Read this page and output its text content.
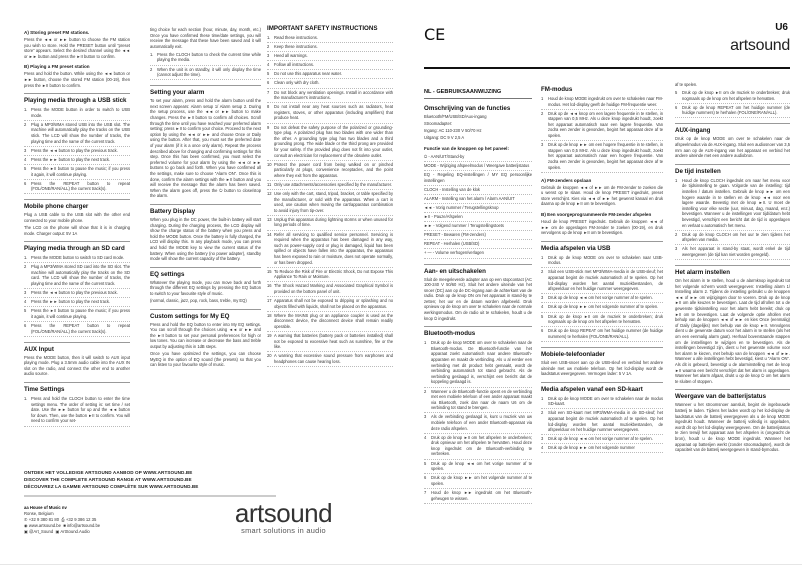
A) Storing preset FM stations.
Press the ◄◄ or ►► button to choose the FM station you wish to store. Hold the PRESET button until “preset store” appears. Select the desired channel using the ◄◄ or ►► button and press the ►II button to confirm.
B) Playing a FM preset station
Press and hold the button. While using the ◄◄ button or ►► button, choose the stored FM station (00-19), then press the ►II button to confirm.
Playing media through a USB stick
1. Press the MODE button in order to switch to USB mode.
2	Plug a MP3/WMA stored USB into the USB slot. The machine will automatically play the tracks on the USB stick. The LCD will show the number of tracks, the playing time and the name of the current track.
3	Press the ◄◄ button to play the previous track.
4	Press the ►► button to play the next track.
5	Press the ►II button to pause the music; if you press it again, it will continue playing.
6	Press the REPEAT button to repeat (FOL/ONE/RAN/ALL) the current track(s).
Mobile phone charger
Plug a USB cable to the USB slot with the other end connected to your mobile phone.
The LCD on the phone will show that it is in charging mode. Charger output: 5V 1A
Playing media through an SD card
1. Press the MODE button to switch to SD card mode.
2	Plug a MP3/WMA stored SD card into the SD slot. The machine will automatically play the tracks on the SD card. The LCD will show the number of tracks, the playing time and the name of the current track.
3	Press the ◄◄ button to play the previous track.
4	Press the ►► button to play the next track.
5	Press the ►II button to pause the music; if you press it again, it will continue playing.
6	Press the REPEAT button to repeat (FOL/ONE/RAN/ALL) the current track(s).
AUX Input
Press the MODE button, then it will switch to AUX input playing mode. Plug a 3.5mm audio cable into the AUX IN slot on the radio, and connect the other end to another audio source.
Time Settings
1. Press and hold the CLOCH button to enter the time settings menu. The order of setting is: set time / set date. Use the ►► button for up and the ◄◄ button for down. Then, use the button ►II to confirm. You will need to confirm your set-
ting choice for each section (hour, minute, day, month, etc.) Once you have confirmed these time/date settings, you will receive the message that these have been saved and it will automatically exit.
1. Press the CLOCH button to check the current time while playing the media.
2	When the unit is on standby, it will only display the time (cannot adjust the time).
Setting your alarm
To set your alarm, press and hold the alarm button until the next screen appears: Alarm setup 1/ Alarm setup 2. During the setup process, use the ◄◄ or ►► button to make changes. Press the ►II button to confirm all choices. Scroll through the time until you have reached your preferred alarm setting; press ►II to confirm your choice. Proceed to the next option by using the ◄◄ or ►► and choose Once or Daily using the button. After that, you must set the preferred date of your alarm (if it is a once only alarm). Repeat the process described above for changing and confirming settings for this step. Once this has been confirmed, you must select the preferred volume for your alarm by using the ◄◄ or ►► buttons to go back and forth. When you have confirmed all the settings, make sure to choose “Alarm ON”. Once this is done, confirm the alarm settings with the ►II button and you will receive the message that the alarm has been saved. When the alarm goes off, press the ⏻ button to close/stop the alarm.
Battery Display
When you plug in the DC power, the built-in battery will start charging. During the charging process, the LCD display will show the charge status of the battery when you press and hold the MODE button. Once the battery is fully charged, the LCD will display this. In any playback mode, you can press and hold the MODE key to view the current status of the battery. When using the battery (no power adapter), standby mode will show the current capacity of the battery.
EQ settings
Whatever the playing mode, you can move back and forth through the different EQ settings by pressing the EQ button to switch to your favourite style of music.
(normal, classic, jazz, pop, rock, bass, treble, my EQ)
Custom settings for My EQ
Press and hold the EQ button to enter into My EQ settings. You can scroll through the choices using ◄◄ or ►► and the ►II button to set your personal preferences for high or low tones. You can increase or decrease the bass and treble output by adjusting this in 1dB steps.
Once you have optimized the settings, you can choose MyEQ in the option of EQ sound (the presets) so that you can listen to your favourite style of music.
IMPORTANT SAFETY INSTRUCTIONS
1. Read these instructions.
2	Keep these instructions.
3	Heed all warnings.
4	Follow all instructions.
5	Do not use this apparatus near water.
6	Clean only with dry cloth.
7	Do not block any ventilation openings. Install in accordance with the manufacturer's instructions.
8	Do not install near any heat sources such as radiators, heat registers, stoves, or other apparatus (including amplifiers) that produce heat.
9	Do not defeat the safety purpose of the polarized or grounding-type plug. A polarized plug has two blades with one wider than the other. A grounding type plug has two blades and a third grounding prong. The wide blade or the third prong are provided for your safety. If the provided plug does not fit into your outlet, consult an electrician for replacement of the obsolete outlet.
10 Protect the power cord from being walked on or pinched particularly at plugs, convenience receptacles, and the point where they exit from the apparatus.
11 Only use attachments/accessories specified by the manufacturer.
12 Use only with the cart, stand, tripod, bracket, or table specified by the manufacturer, or sold with the apparatus. When a cart is used, use caution when moving the cart/apparatus combination to avoid injury from tip-over.
13 Unplug this apparatus during lightning storms or when unused for long periods of time.
14 Refer all servicing to qualified service personnel. Servicing is required when the apparatus has been damaged in any way, such as power-supply cord or plug is damaged, liquid has been spilled or objects have fallen into the apparatus, the apparatus has been exposed to rain or moisture, does not operate normally, or has been dropped.
15 To Reduce the Risk of Fire or Electric Shock, Do not Expose This Appliance To Rain or Moisture.
16 The Shock Hazard Marking and Associated Graphical Symbol is provided on the bottom panel of unit.
17 Apparatus shall not be exposed to dripping or splashing and no objects filled with liquids, shall not be placed on the apparatus.
18 Where the MAINS plug or an appliance coupler is used as the disconnect device, the disconnect device shall remain readily operable.
19 A warning that batteries (battery pack or batteries installed) shall not be exposed to excessive heat such as sunshine, fire or the like.
20 A warning that excessive sound pressure from earphones and headphones can cause hearing loss.
ONTDEK HET VOLLEDIGE ARTSOUND AANBOD OP WWW.ARTSOUND.BE
DISCOVER THE COMPLETE ARTSOUND RANGE AT WWW.ARTSOUND.BE
DÉCOUVREZ LA GAMME ARTSOUND COMPLÈTE SUR WWW.ARTSOUND.BE
aa House of Music nv
Ronse, Belgium
✆ +32 9 380 81 80 ⎙ +32 9 386 12 35
◉ www.artsound.be ■ info@artsound.be
▣ @Art_Sound ▣ ArtSound.Audio
artsound
smart solutions in audio
CE	U6
artsound
NL - GEBRUIKSAANWIJZING
Omschrijving van de functies
Bluetooth/FM/USB/SD/Aux-ingang
Stroomadapter:
Ingang: AC 110-230 V 50/70 Hz
Uitgang: DC 9 V 2,5 A
Functie van de knoppen op het paneel:
⏻ - AAN/UIT/Stand-by
MODE - Wijziging afspeelmodus / Weergave batterijstatus
EQ - Regeling EQ-instellingen / MY EQ persoonlijke instellingen
CLOCH - Instelling van de klok
ALARM - Instelling van het alarm / Alarm AAN/UIT
◄◄ - Vorig nummer / Terugstellingsknop
►II - Pauze/Afspelen
►► - Volgend nummer / Terugstellingstoets
PRESET - Bewaren (FM-zenders)
REPEAT - Herhalen (USB/SD)
+ — - Volume verhogen/verlagen
Aan- en uitschakelen
Sluit de meegeleverde adapter aan op een stopcontact (AC 100-240 V 50/60 Hz). Sluit het andere uiteinde van het snoer (DC) aan op de DC-ingang aan de achterkant van de radio. Druk op de knop ON om het apparaat in stand-by te zetten; het uur en de datum worden afgebeeld. Druk opnieuw op de knop om over te schakelen naar de normale werkingsmodus. Om de radio uit te schakelen, houdt u de knop ⏻ ingedrukt.
Bluetooth-modus
1	Druk op de knop MODE om over te schakelen naar de Bluetooth-modus. De Bluetooth-functie van het apparaat zoekt automatisch naar andere Bluetooth-apparaten en maakt de verbinding. Als u al eerder een verbinding met dit product hebt gemaakt, wordt de verbinding automatisch tot stand gebracht. Als de verbinding geslaagd is, verschijnt een bericht dat de koppeling geslaagd is.
2	Wanneer u de Bluetooth-functie opent en de verbinding met een mobiele telefoon of een ander apparaat maakt via Bluetooth, zoek dan naar de naam U6 om de verbinding tot stand te brengen.
3	Als de verbinding geslaagd is, kunt u muziek van uw mobiele telefoon of een ander Bluetooth-apparaat via deze radio afspelen.
4	Druk op de knop ►II om het afspelen te onderbreken; druk opnieuw om het afspelen te hervatten. Houd deze knop ingedrukt om de Bluetooth-verbinding te verbreken.
5	Druk op de knop ◄◄ om het vorige nummer af te spelen.
6	Druk op de knop ►► om het volgende nummer af te spelen.
7	Houd de knop ►► ingedrukt om het Bluetooth-geheugen te wissen.
FM-modus
1	Houd de knop MODE ingedrukt om over te schakelen naar FM-modus. Het lcd-display geeft de huidige FM-frequentie weer.
2	Druk op de ◄◄ knop om een lagere frequentie in te stellen, in stappen van 0,5 MHz. Als u deze knop ingedrukt houdt, zoekt het apparaat automatisch naar een lagere frequentie. Van zodra een zender is gevonden, begint het apparaat deze af te spelen.
3	Druk op de knop ►► om een hogere frequentie in te stellen, in stappen van 0,5 MHz. Als u deze knop ingedrukt houdt, zoekt het apparaat automatisch naar een hogere frequentie. Van zodra een zender is gevonden, begint het apparaat deze af te spelen.
A) FM-zenders opslaan
Gebruik de knoppen ◄◄ of ►► om de FM-zender te zoeken die u wenst op te slaan. Houd de knop PRESET ingedrukt, preset store verschijnt. Kies via ◄◄ of ►► het gewenst kanaal en druk daarna op de knop ►II om te bevestigen.
B) Een voorgeprogrammeerde FM-zender afspelen
Houd de knop PRESET ingedrukt. Gebruik de knoppen ◄◄ of ►► om de opgeslagen FM-zender te zoeken (00-19), en druk vervolgens op de knop ►II om te bevestigen.
Media afspelen via USB
1	Druk op de knop MODE om over te schakelen naar USB-modus.
2	Sluit een USB-stick met MP3/WMA-media in de USB-sleuf; het apparaat begint de muziek automatisch af te spelen. Op het lcd-display worden het aantal muziekbestanden, de afspeelduur en het huidige nummer weergegeven.
3	Druk op de knop ◄◄ om het vorige nummer af te spelen.
4	Druk op de knop ►► om het volgende nummer af te spelen.
5	Druk op de knop ►II om de muziek te onderbreken; druk nogmaals op de knop om het afspelen te hervatten.
6	Druk op de knop REPEAT om het huidige nummer (de huidige nummers) te herhalen (FOL/ONE/RAN/ALL).
Mobiele-telefoonlader
Sluit een USB-snoer aan op de USB-sleuf en verbind het andere uiteinde met uw mobiele telefoon. Op het lcd-display wordt de laadstatus weergegeven. Vermogen lader: 5 V 1A.
Media afspelen vanaf een SD-kaart
1	Druk op de knop MODE om over te schakelen naar de modus SD-kaart.
2	Sluit een SD-kaart met MP3/WMA-media in de SD-sleuf; het apparaat begint de muziek automatisch af te spelen. Op het lcd-display worden het aantal muziekbestanden, de afspeelduur en het huidige nummer weergegeven.
3	Druk op de knop ◄◄ om het vorige nummer af te spelen.
4	Druk op de knop ►► om het volgende nummer
af te spelen.
5	Druk op de knop ►II om de muziek te onderbreken; druk nogmaals op de knop om het afspelen te hervatten.
6	Druk op de knop REPEAT om het huidige nummer (de huidige nummers) te herhalen (FOL/ONE/RAN/ALL).
AUX-ingang
Druk op de knop MODE om over te schakelen naar de afspeelmodus via de AUX-ingang. Sluit een audiosnoer van 3,5 mm aan op de AUX-ingang van het apparaat en verbind het andere uiteinde met een andere audiobron.
De tijd instellen
1	Houd de knop CLOCH ingedrukt om naar het menu voor de tijdsinstelling te gaan. Volgorde van de instelling: tijd instellen / datum instellen. Gebruik de knop ►► om een hogere waarde in te stellen en de knop ◄◄ voor een lagere waarde. Bevestig met de knop ►II. U moet de instelling voor elke sectie (uur, minuut, dag, maand, enz.) bevestigen. Wanneer u de instellingen voor tijd/datum hebt bevestigd, verschijnt een bericht dat de tijd is opgeslagen en verlaat u automatisch het menu.
2	Druk op de knop CLOCH om het uur te zien tijdens het afspelen van media.
3	Als het apparaat in stand-by staat, wordt enkel de tijd weergegeven (de tijd kan niet worden geregeld).
Het alarm instellen
Om het alarm in te stellen, houd u de alarmknop ingedrukt tot het volgende scherm wordt weergegeven: Instelling alarm 1/ Instelling alarm 2. Tijdens de instelling gebruikt u de knoppen ◄◄ of ►► om wijzigingen door te voeren. Druk op de knop ►II om alle keuzes te bevestigen. Laat de tijd afrollen tot u de gewenste tijdsinstelling voor het alarm hebt bereikt; druk op ►II om te bevestigen. Laat de volgende optie afrollen met behulp van de knoppen ◄◄ of ►► en kies Once (eenmalig) of Daily (dagelijks) met behulp van de knop ►II. Vervolgens dient u de gewenste datum voor het alarm in te stellen (als het om een eenmalig alarm gaat). Herhaal bovenstaande stappen om de instellingen te wijzigen en te bevestigen. Als de instellingen bevestigd zijn, dient u het gewenste volume voor het alarm te kiezen, met behulp van de knoppen ◄◄ of ►►. Wanneer u alle instellingen hebt bevestigd, kiest u “Alarm ON”. Als dit is gebeurd, bevestigt u de alarminstelling met de knop ►II waarna een bericht verschijnt dat het alarm is opgeslagen. Wanneer het alarm afgaat, drukt u op de knop ⏻ om het alarm te sluiten of stoppen.
Weergave van de batterijstatus
Wanneer u het stroomsnoer aansluit, begint de ingebouwde batterij te laden. Tijdens het laden wordt op het lcd-display de laadstatus van de batterij weergegeven als u de knop MODE ingedrukt houdt. Wanneer de batterij volledig is opgeladen, wordt dit op het lcd-display weergegeven. Om de batterijstatus te zien terwijl het apparaat aan het afspelen is (ongeacht de bron), houdt u de knop MODE ingedrukt. Wanneer het apparaat op batterijen werkt (zonder stroomadapter), wordt de capaciteit van de batterij weergegeven in stand-bymodus.
